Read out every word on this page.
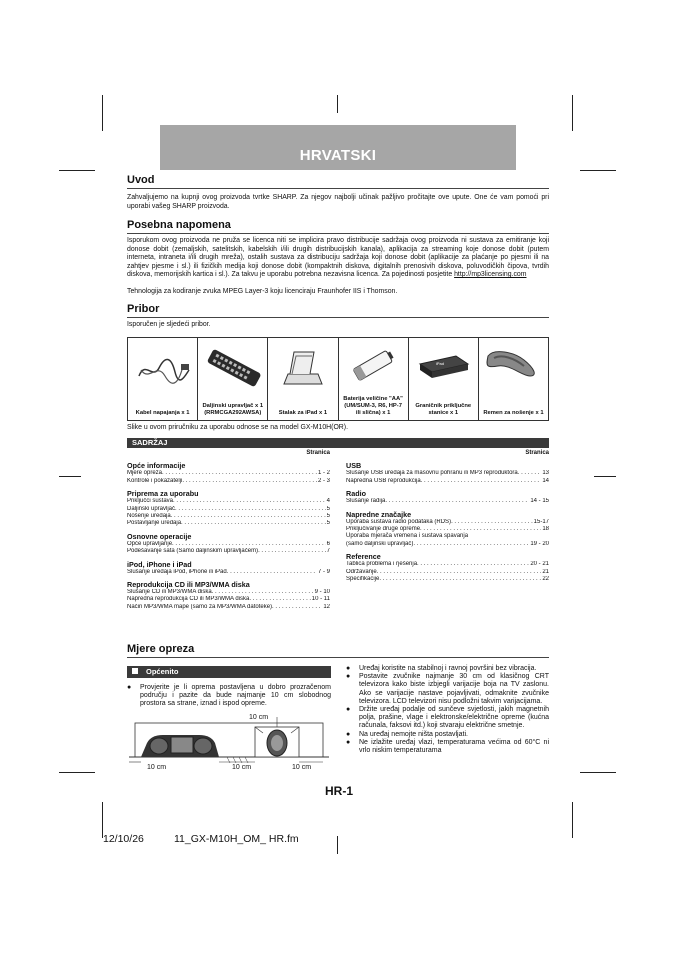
HRVATSKI
Uvod
Zahvaljujemo na kupnji ovog proizvoda tvrtke SHARP. Za njegov najbolji učinak pažljivo pročitajte ove upute. One će vam pomoći pri uporabi vašeg SHARP proizvoda.
Posebna napomena
Isporukom ovog proizvoda ne pruža se licenca niti se implicira pravo distribucije sadržaja ovog proizvoda ni sustava za emitiranje koji donose dobit (zemaljskih, satelitskih, kabelskih i/ili drugih distribucijskih kanala), aplikacija za streaming koje donose dobit (putem interneta, intraneta i/ili drugih mreža), ostalih sustava za distribuciju sadržaja koji donose dobit (aplikacije za plaćanje po pjesmi ili na zahtjev pjesme i sl.) ili fizičkih medija koji donose dobit (kompaktnih diskova, digitalnih prenosivih diskova, poluvodičkih čipova, tvrdih diskova, memorijskih kartica i sl.). Za takvu je uporabu potrebna nezavisna licenca. Za pojedinosti posjetite http://mp3licensing.com
Tehnologija za kodiranje zvuka MPEG Layer-3 koju licenciraju Fraunhofer IIS i Thomson.
Pribor
Isporučen je sljedeći pribor.
Kabel napajanja x 1
Daljinski upravljač x 1
(RRMCGA292AWSA)	Stalak za iPad x 1
Baterija veličine "AA"
(UM/SUM-3, R6, HP-7
ili slična) x 1
iPad
Graničnik priključne
stanice x 1	Remen za nošenje x 1
Slike u ovom priručniku za uporabu odnose se na model GX-M10H(OR).
SADRŽAJ
Stranica
Opće informacije
Mjere opreza . . .	1 - 2
Kontrole i pokazatelji . . .	2 - 3
Priprema za uporabu
Priključci sustava . . .	4
Daljinski upravljač . . .	5
Nošenje uređaja . . .	5
Postavljanje uređaja . . .	5
Osnovne operacije
Opće upravljanje . . .	6
Podešavanje sata (Samo daljinskim upravljačem) . . .	7
iPod, iPhone i iPad
Slušanje uređaja iPod, iPhone ili iPad . . .	7 - 9
Reprodukcija CD ili MP3/WMA diska
Slušanje CD ili MP3/WMA diska . . .	9 - 10
Napredna reprodukcija CD ili MP3/WMA diska . . .	10 - 11
Način MP3/WMA mape (samo za MP3/WMA datoteke) . . .	12
Stranica
USB
Slušanje USB uređaja za masovnu pohranu ili MP3 reproduktora . . .	13
Napredna USB reprodukcija . . .	14
Radio
Slušanje radija . . .	14 - 15
Napredne značajke
Uporaba sustava radio podataka (RDS) . . .	15-17
Priključivanje druge opreme . . .	18
Uporaba mjerača vremena i sustava spavanja
(samo daljinski upravljač) . . .	19 - 20
Reference
Tablica problema i rješenja . . .	20 - 21
Održavanje . . .	21
Specifikacije . . .	22
Mjere opreza
Općenito
● Provjerite je li oprema postavljena u dobro prozračenom području i pazite da bude najmanje 10 cm slobodnog prostora sa strane, iznad i ispod opreme.
10 cm
10 cm	10 cm	10 cm
● Uređaj koristite na stabilnoj i ravnoj površini bez vibracija.
● Postavite zvučnike najmanje 30 cm od klasičnog CRT televizora kako biste izbjegli varijacije boja na TV zaslonu. Ako se varijacije nastave pojavljivati, odmaknite zvučnike televizora. LCD televizori nisu podložni takvim varijacijama.
● Držite uređaj podalje od sunčeve svjetlosti, jakih magnetnih polja, prašine, vlage i elektronske/električne opreme (kućna računala, faksovi itd.) koji stvaraju električne smetnje.
● Na uređaj nemojte ništa postavljati.
● Ne izlažite uređaj vlazi, temperaturama većima od 60°C ni vrlo niskim temperaturama
HR-1
12/10/26	11_GX-M10H_OM_ HR.fm
